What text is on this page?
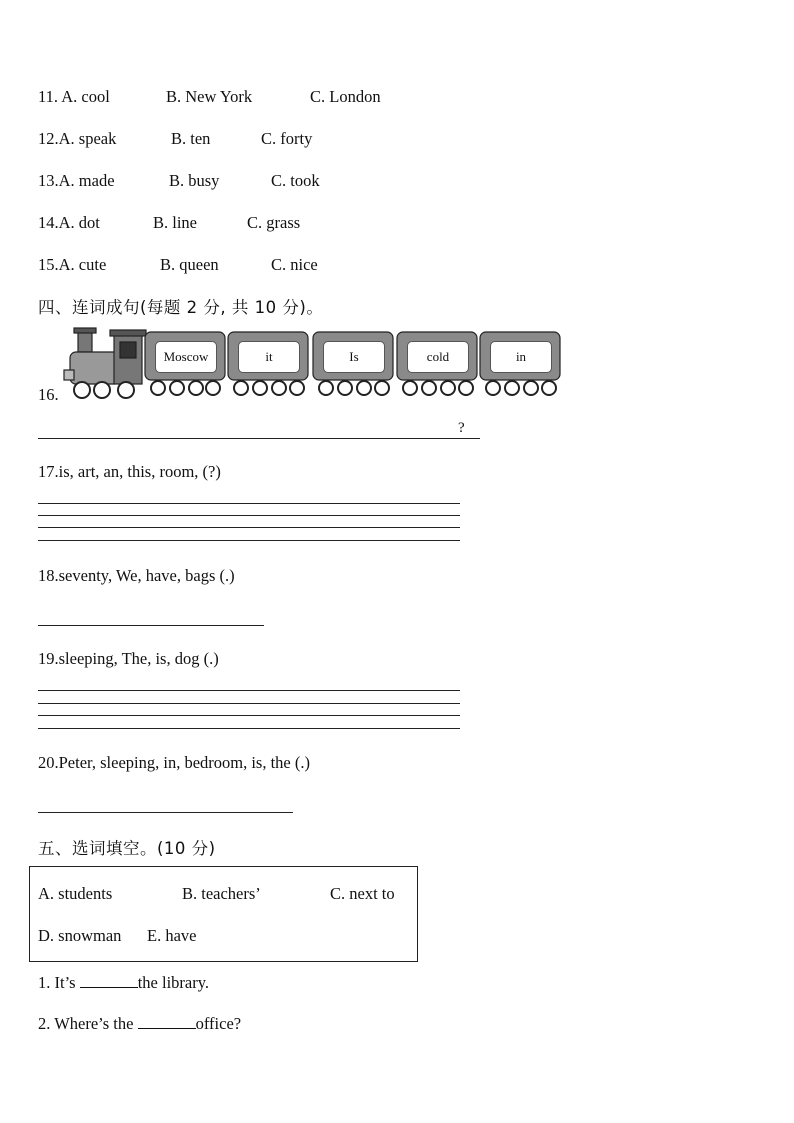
11. A. cool	B. New York	C. London
12.A. speak	B. ten	C. forty
13.A. made	B. busy	C. took
14.A. dot	B. line	C. grass
15.A. cute	B. queen	C. nice
四、连词成句(每题 2 分, 共 10 分)。
Moscow	it	Is	cold	in
16.
?
17.is, art, an, this, room, (?)
18.seventy, We, have, bags (.)
19.sleeping, The, is, dog (.)
20.Peter, sleeping, in, bedroom, is, the (.)
五、选词填空。(10 分)
A. students	B. teachers’	C. next to
D. snowman E. have
1. It’s	the library.
2. Where’s the	office?
